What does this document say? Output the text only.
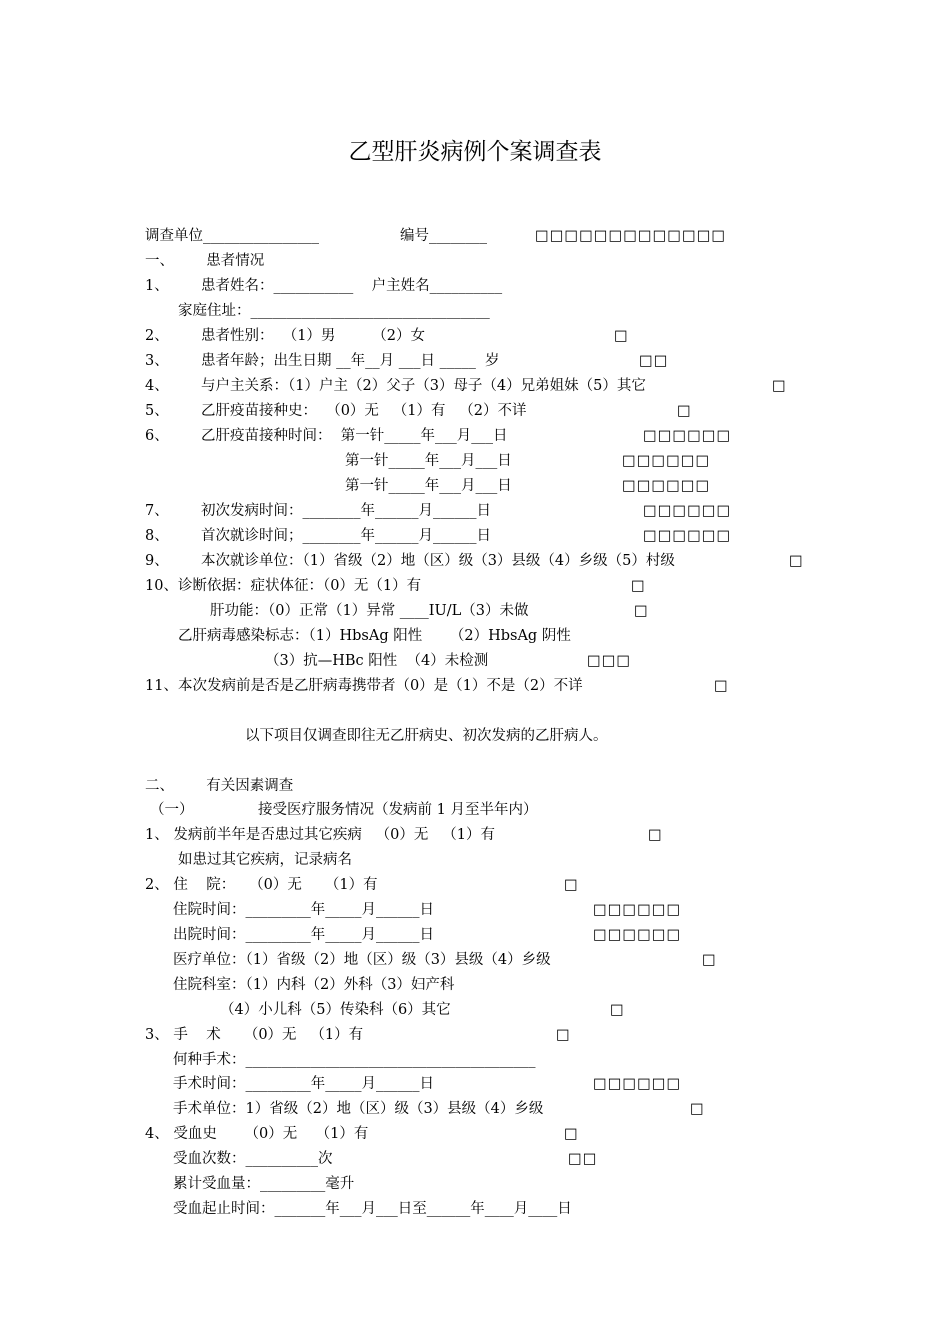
乙型肝炎病例个案调查表
调查单位________________	编号________	□□□□□□□□□□□□□
一、       患者情况
1、       患者姓名：___________    户主姓名__________
家庭住址：_________________________________
2、       患者性别：  （1）男        （2）女	□
3、       患者年龄；出生日期 __年__月 ___日 _____  岁	□□
4、       与户主关系：（1）户主（2）父子（3）母子（4）兄弟姐妹（5）其它	□
5、       乙肝疫苗接种史：  （0）无   （1）有   （2）不详	□
6、       乙肝疫苗接种时间：  第一针_____年___月___日	□□□□□□
第一针_____年___月___日	□□□□□□
第一针_____年___月___日	□□□□□□
7、       初次发病时间：________年______月______日	□□□□□□
8、       首次就诊时间；________年______月______日	□□□□□□
9、       本次就诊单位：（1）省级（2）地（区）级（3）县级（4）乡级（5）村级	□
10、诊断依据：症状体征：（0）无（1）有	□
肝功能：（0）正常（1）异常 ____IU/L（3）未做	□
乙肝病毒感染标志：（1）HbsAg 阳性      （2）HbsAg 阴性
（3）抗—HBc 阳性  （4）未检测	□□□
11、本次发病前是否是乙肝病毒携带者（0）是（1）不是（2）不详	□
以下项目仅调查即往无乙肝病史、初次发病的乙肝病人。
二、       有关因素调查
（一）              接受医疗服务情况（发病前 1 月至半年内）
1、 发病前半年是否患过其它疾病   （0）无   （1）有	□
如患过其它疾病，记录病名
2、 住    院：   （0）无     （1）有	□
住院时间：_________年_____月______日	□□□□□□
出院时间：_________年_____月______日	□□□□□□
医疗单位：（1）省级（2）地（区）级（3）县级（4）乡级	□
住院科室：（1）内科（2）外科（3）妇产科
（4）小儿科（5）传染科（6）其它	□
3、 手    术     （0）无   （1）有	□
何种手术：________________________________________
手术时间：_________年_____月______日	□□□□□□
手术单位：1）省级（2）地（区）级（3）县级（4）乡级	□
4、 受血史      （0）无    （1）有	□
受血次数：__________次	□□
累计受血量：_________毫升
受血起止时间：_______年___月___日至______年____月____日
